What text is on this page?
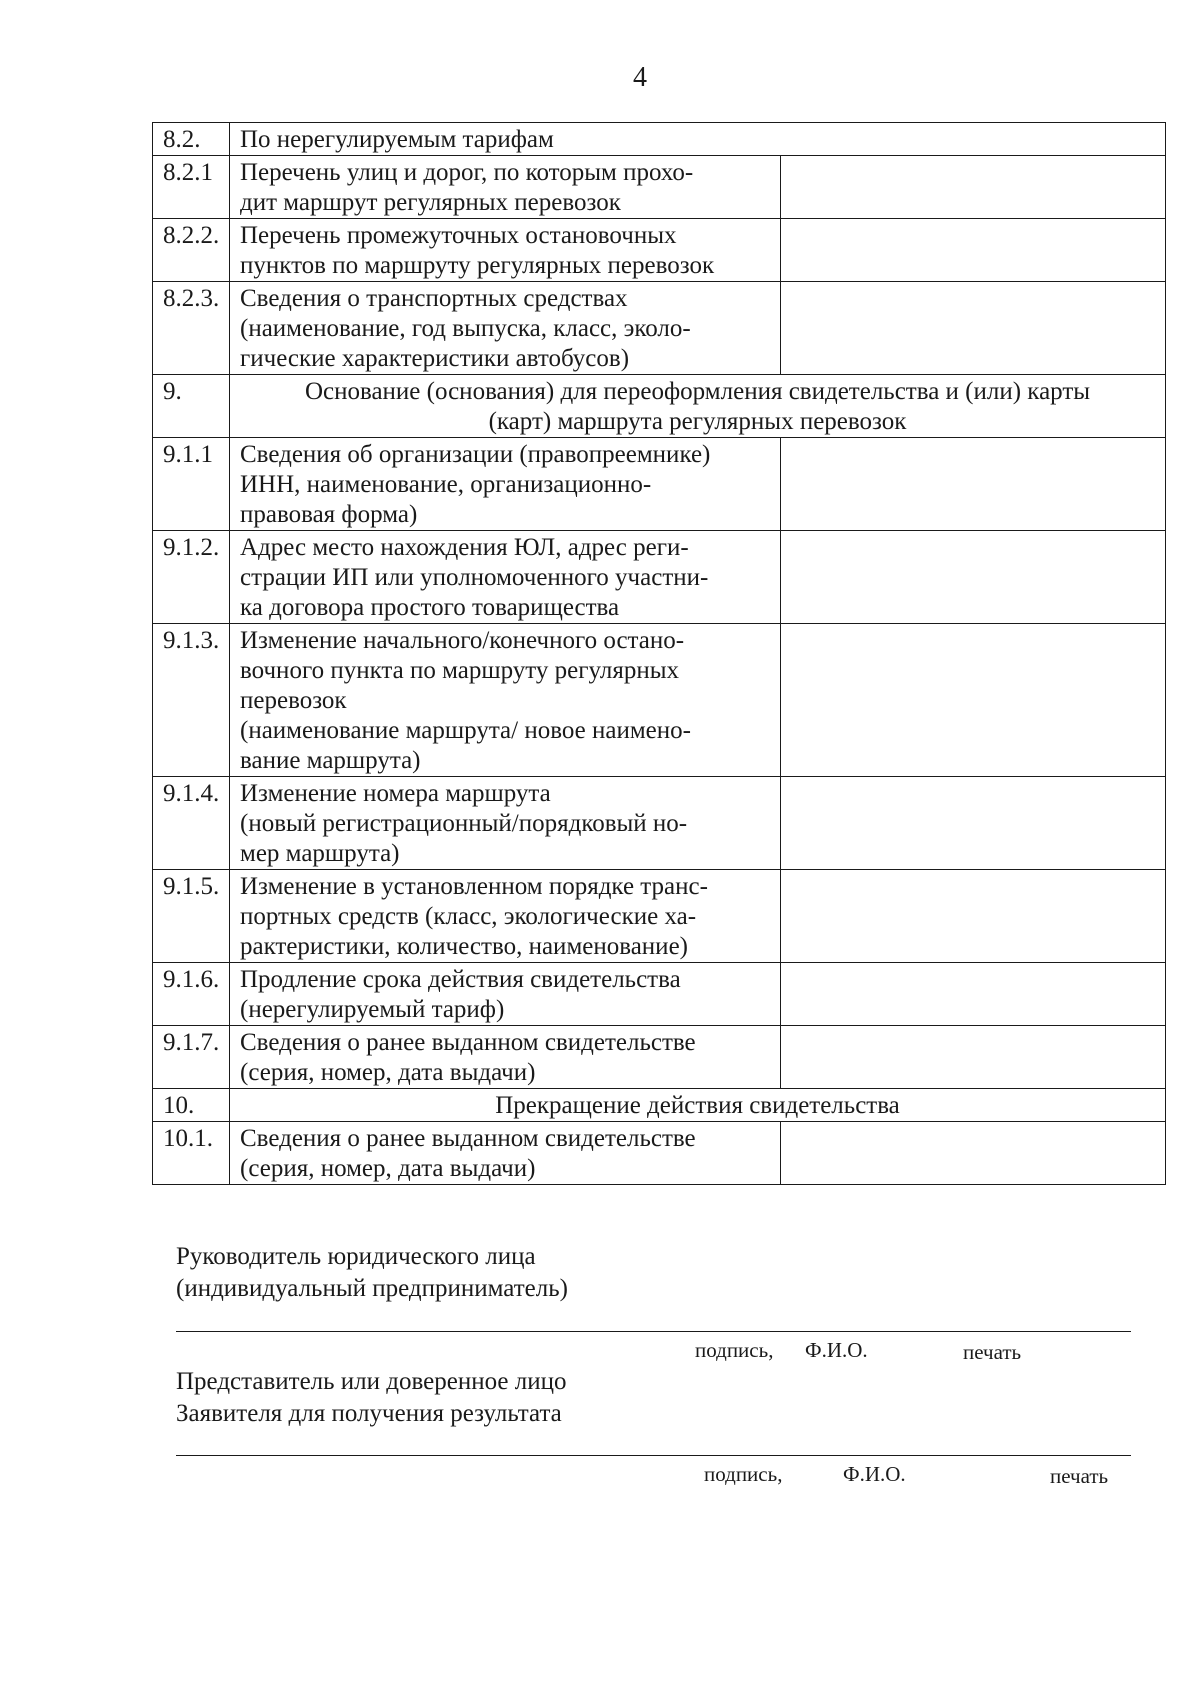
4
8.2.	По нерегулируемым тарифам	

8.2.1	Перечень улиц и дорог, по которым прохо-
дит маршрут регулярных перевозок	

8.2.2.	Перечень промежуточных остановочных
пунктов по маршруту регулярных перевозок	

8.2.3.	Сведения о транспортных средствах
(наименование, год выпуска, класс, эколо-
гические характеристики автобусов)	

9.	Основание (основания) для переоформления свидетельства и (или) карты
(карт) маршрута регулярных перевозок	

9.1.1	Сведения об организации (правопреемнике)
ИНН, наименование, организационно-
правовая форма)	

9.1.2.	Адрес место нахождения ЮЛ, адрес реги-
страции ИП или уполномоченного участни-
ка договора простого товарищества	

9.1.3.	Изменение начального/конечного остано-
вочного пункта по маршруту регулярных
перевозок
(наименование маршрута/ новое наимено-
вание маршрута)	

9.1.4.	Изменение номера маршрута
(новый регистрационный/порядковый но-
мер маршрута)	

9.1.5.	Изменение в установленном порядке транс-
портных средств (класс, экологические ха-
рактеристики, количество, наименование)	

9.1.6.	Продление срока действия свидетельства
(нерегулируемый тариф)	

9.1.7.	Сведения о ранее выданном свидетельстве
(серия, номер, дата выдачи)	

10.	Прекращение действия свидетельства	

10.1.	Сведения о ранее выданном свидетельстве
(серия, номер, дата выдачи)	

Руководитель юридического лица
(индивидуальный предприниматель)
подпись, Ф.И.О.	печать
Представитель или доверенное лицо
Заявителя для получения результата
подпись,	Ф.И.О.	печать
